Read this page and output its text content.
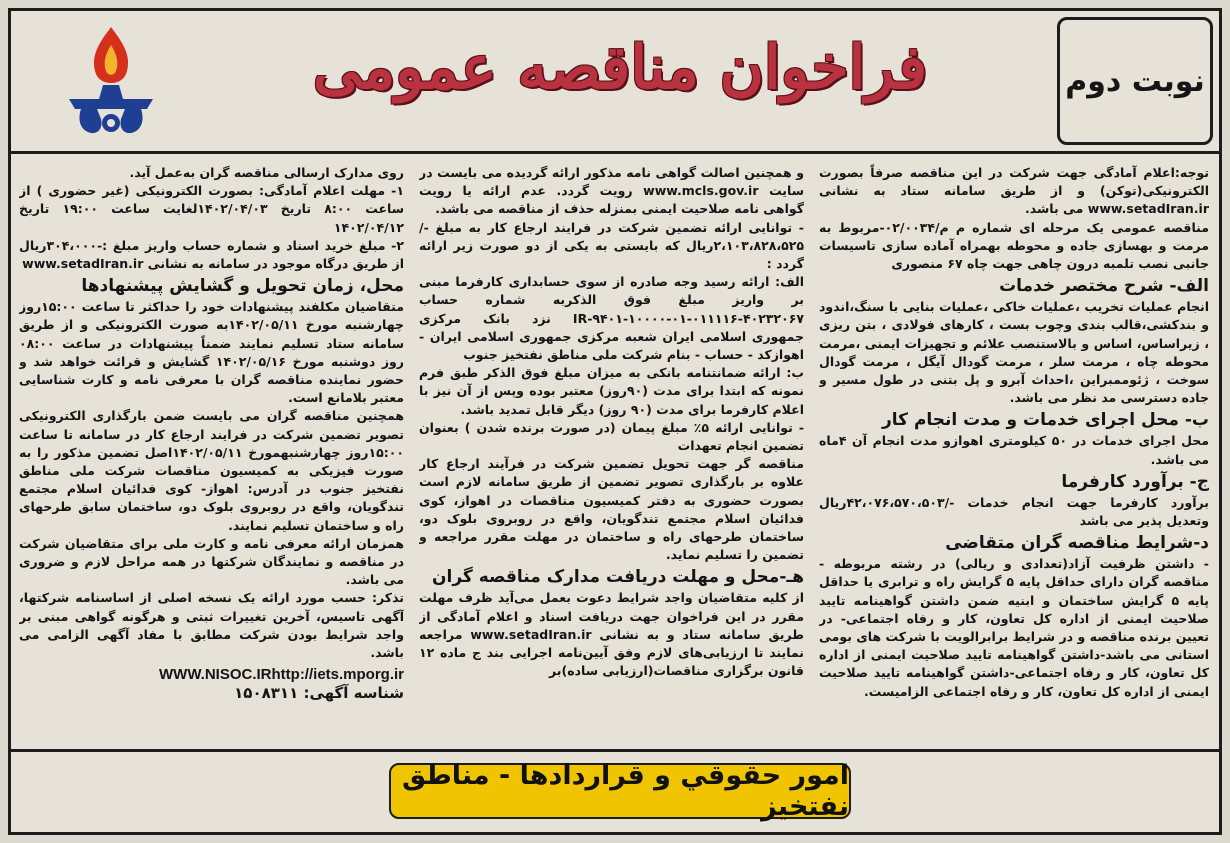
نوبت دوم
فراخوان مناقصه عمومی

توجه:اعلام آمادگی جهت شرکت در این مناقصه صرفاً بصورت الکترونیکی(توکن) و از طریق سامانه ستاد به نشانی www.setadIran.ir می باشد.

مناقصه عمومی یک مرحله ای شماره م م/۰۲/۰۰۳۴-مربوط به مرمت و بهسازی جاده و محوطه بهمراه آماده سازی تاسیسات جانبی نصب تلمبه درون چاهی جهت چاه ۶۷ منصوری

الف- شرح مختصر خدمات

انجام عملیات تخریب ،عملیات خاکی ،عملیات بنایی با سنگ،اندود و بندکشی،قالب بندی وچوب بست ، کارهای فولادی ، بتن ریزی ، زیراساس، اساس و بالاستنصب علائم و تجهیزات ایمنی ،مرمت محوطه چاه ، مرمت سلر ، مرمت گودال آیگل ، مرمت گودال سوخت ، ژئوممبراین ،احداث آبرو و پل بتنی در طول مسیر و جاده دسترسی مد نظر می باشد.

ب- محل اجرای خدمات و مدت انجام کار

محل اجرای خدمات در ۵۰ کیلومتری اهوازو مدت انجام آن ۴ماه می باشد.

ج- برآورد کارفرما

برآورد کارفرما جهت انجام خدمات -/۴۲،۰۷۶،۵۷۰،۵۰۳ریال وتعدیل پذیر می باشد

د-شرایط مناقصه گران متقاضی

- داشتن ظرفیت آزاد(تعدادی و ریالی) در رشته مربوطه - مناقصه گران دارای حداقل پایه ۵ گرایش راه و ترابری یا حداقل پایه ۵ گرایش ساختمان و ابنیه ضمن داشتن گواهینامه تایید صلاحیت ایمنی از اداره کل تعاون، کار و رفاه اجتماعی- در تعیین برنده مناقصه و در شرایط برابرالویت با شرکت های بومی استانی می باشد-داشتن گواهینامه تایید صلاحیت ایمنی از اداره کل تعاون، کار و رفاه اجتماعی-داشتن گواهینامه تایید صلاحیت ایمنی از اداره کل تعاون، کار و رفاه اجتماعی الزامیست.

و همچنین اصالت گواهی نامه مذکور ارائه گردیده می بایست در سایت www.mcls.gov.ir رویت گردد. عدم ارائه یا رویت گواهی نامه صلاحیت ایمنی بمنزله حذف از مناقصه می باشد.

- توانایی ارائه تضمین شرکت در فرایند ارجاع کار به مبلغ -/۲،۱۰۳،۸۲۸،۵۲۵ریال که بایستی به یکی از دو صورت زیر ارائه گردد :

الف: ارائه رسید وجه صادره از سوی حسابداری کارفرما مبنی بر واریز مبلغ فوق الذکربه شماره حساب ۴۰۲۳۲۰۶۷-۰۱۱۱۱۶-۰۱-۱۰۰۰۰-۹۴۰۱-IR نزد بانک مرکزی جمهوری اسلامی ایران شعبه مرکزی جمهوری اسلامی ایران - اهوازکد - حساب - بنام شرکت ملی مناطق نفتخیز جنوب

ب: ارائه ضمانتنامه بانکی به میزان مبلغ فوق الذکر طبق فرم نمونه که ابتدا برای مدت (۹۰روز) معتبر بوده وپس از آن نیز با اعلام کارفرما برای مدت (۹۰ روز) دیگر قابل تمدید باشد.

- توانایی ارائه ۵٪ مبلغ پیمان (در صورت برنده شدن ) بعنوان تضمین انجام تعهدات

مناقصه گر جهت تحویل تضمین شرکت در فرآیند ارجاع کار علاوه بر بارگذاری تصویر تضمین از طریق سامانه لازم است بصورت حضوری به دفتر کمیسیون مناقصات در اهواز، کوی فدائیان اسلام مجتمع تندگویان، واقع در روبروی بلوک دو، ساختمان طرحهای راه و ساختمان در مهلت مقرر مراجعه و تضمین را تسلیم نماید.

هـ-محل و مهلت دریافت مدارک مناقصه گران

از کلیه متقاضیان واجد شرایط دعوت بعمل می‌آید ظرف مهلت مقرر در این فراخوان جهت دریافت اسناد و اعلام آمادگی از طریق سامانه ستاد و به نشانی www.setadIran.ir مراجعه نمایند تا ارزیابی‌های لازم وفق آیین‌نامه اجرایی بند ج ماده ۱۲ قانون برگزاری مناقصات(ارزیابی ساده)بر

روی مدارک ارسالی مناقصه گران به‌عمل آید.

۱- مهلت اعلام آمادگی: بصورت الکترونیکی (غیر حضوری ) از ساعت ۸:۰۰ تاریخ ۱۴۰۲/۰۴/۰۳لغایت ساعت ۱۹:۰۰ تاریخ ۱۴۰۲/۰۴/۱۲

۲- مبلغ خرید اسناد و شماره حساب واریز مبلغ :-۳۰۴،۰۰۰ریال از طریق درگاه موجود در سامانه به نشانی www.setadIran.ir

محل، زمان تحویل و گشایش پیشنهادها

متقاضیان مکلفند پیشنهادات خود را حداکثر تا ساعت ۱۵:۰۰روز چهارشنبه مورخ ۱۴۰۲/۰۵/۱۱به صورت الکترونیکی و از طریق سامانه ستاد تسلیم نمایند ضمناً پیشنهادات در ساعت ۰۸:۰۰ روز دوشنبه مورخ ۱۴۰۲/۰۵/۱۶ گشایش و قرائت خواهد شد و حضور نماینده مناقصه گران با معرفی نامه و کارت شناسایی معتبر بلامانع است.

همچنین مناقصه گران می بایست ضمن بارگذاری الکترونیکی تصویر تضمین شرکت در فرایند ارجاع کار در سامانه تا ساعت ۱۵:۰۰روز چهارشنبهمورخ ۱۴۰۲/۰۵/۱۱اصل تضمین مذکور را به صورت فیزیکی به کمیسیون مناقصات شرکت ملی مناطق نفتخیز جنوب در آدرس: اهواز- کوی فدائیان اسلام مجتمع تندگویان، واقع در روبروی بلوک دو، ساختمان سابق طرحهای راه و ساختمان تسلیم نمایند.

همزمان ارائه معرفی نامه و کارت ملی برای متقاضیان شرکت در مناقصه و نمایندگان شرکتها در همه مراحل لازم و ضروری می باشد.

تذکر: حسب مورد ارائه یک نسخه اصلی از اساسنامه شرکتها، آگهی تاسیس، آخرین تغییرات ثبتی و هرگونه گواهی مبنی بر واجد شرایط بودن شرکت مطابق با مفاد آگهی الزامی می باشد.

WWW.NISOC.IRhttp://iets.mporg.ir

شناسه آگهی: ۱۵۰۸۳۱۱

امور حقوقي و قراردادها - مناطق نفتخیز
